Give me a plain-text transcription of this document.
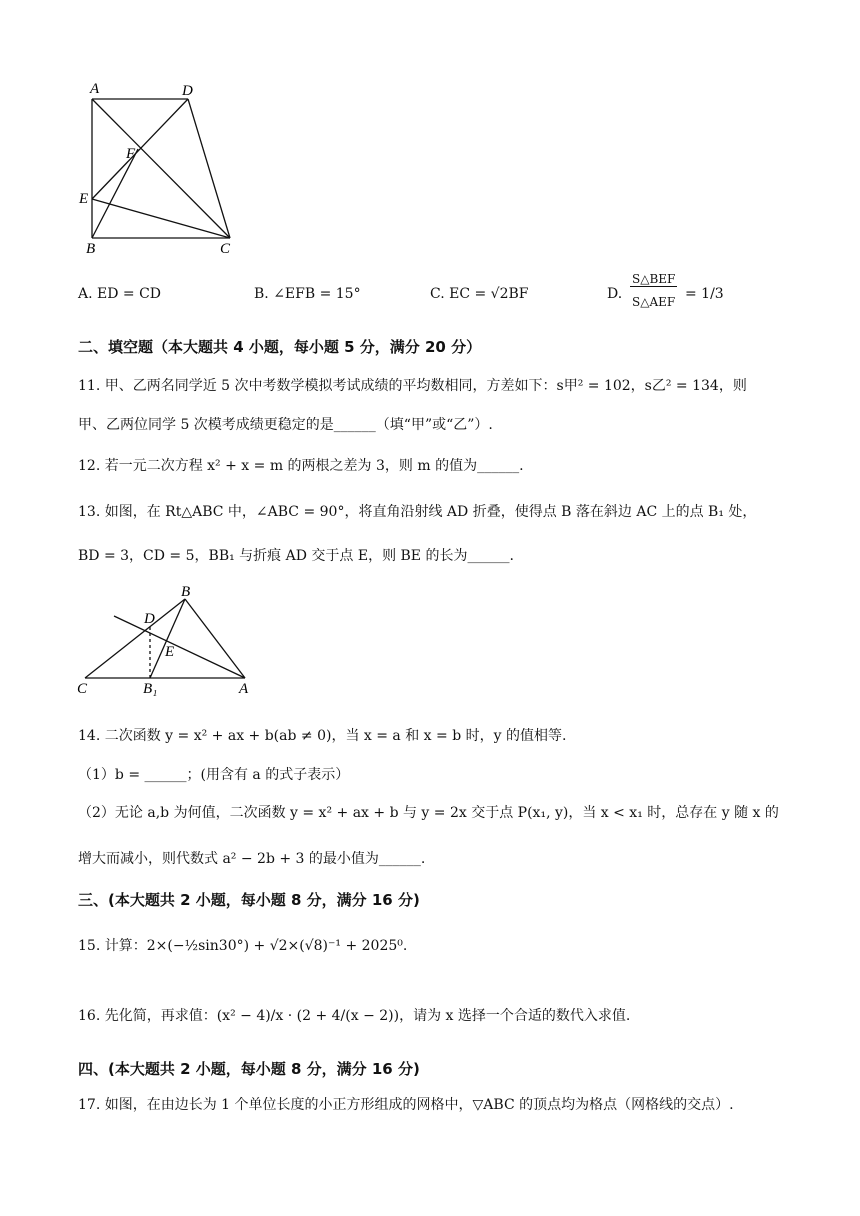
A	D
F
E
B	C
A. ED = CD	B. ∠EFB = 15°	C. EC = √2BF	D.
S△BEF
S△AEF = 1/3
二、填空题（本大题共 4 小题，每小题 5 分，满分 20 分）
11. 甲、乙两名同学近 5 次中考数学模拟考试成绩的平均数相同，方差如下：s甲² = 102，s乙² = 134，则
甲、乙两位同学 5 次模考成绩更稳定的是______（填“甲”或“乙”）.
12. 若一元二次方程 x² + x = m 的两根之差为 3，则 m 的值为______.
13. 如图，在 Rt△ABC 中，∠ABC = 90°，将直角沿射线 AD 折叠，使得点 B 落在斜边 AC 上的点 B₁ 处，
BD = 3，CD = 5，BB₁ 与折痕 AD 交于点 E，则 BE 的长为______.
B
D
E
C	B₁	A
14. 二次函数 y = x² + ax + b(ab ≠ 0)，当 x = a 和 x = b 时，y 的值相等.
（1）b = ______；(用含有 a 的式子表示）
（2）无论 a,b 为何值，二次函数 y = x² + ax + b 与 y = 2x 交于点 P(x₁, y)，当 x < x₁ 时，总存在 y 随 x 的
增大而减小，则代数式 a² − 2b + 3 的最小值为______.
三、(本大题共 2 小题，每小题 8 分，满分 16 分)
15. 计算：2×(−½sin30°) + √2×(√8)⁻¹ + 2025⁰.
16. 先化简，再求值：(x² − 4)/x · (2 + 4/(x − 2))，请为 x 选择一个合适的数代入求值.
四、(本大题共 2 小题，每小题 8 分，满分 16 分)
17. 如图，在由边长为 1 个单位长度的小正方形组成的网格中，▽ABC 的顶点均为格点（网格线的交点）.
